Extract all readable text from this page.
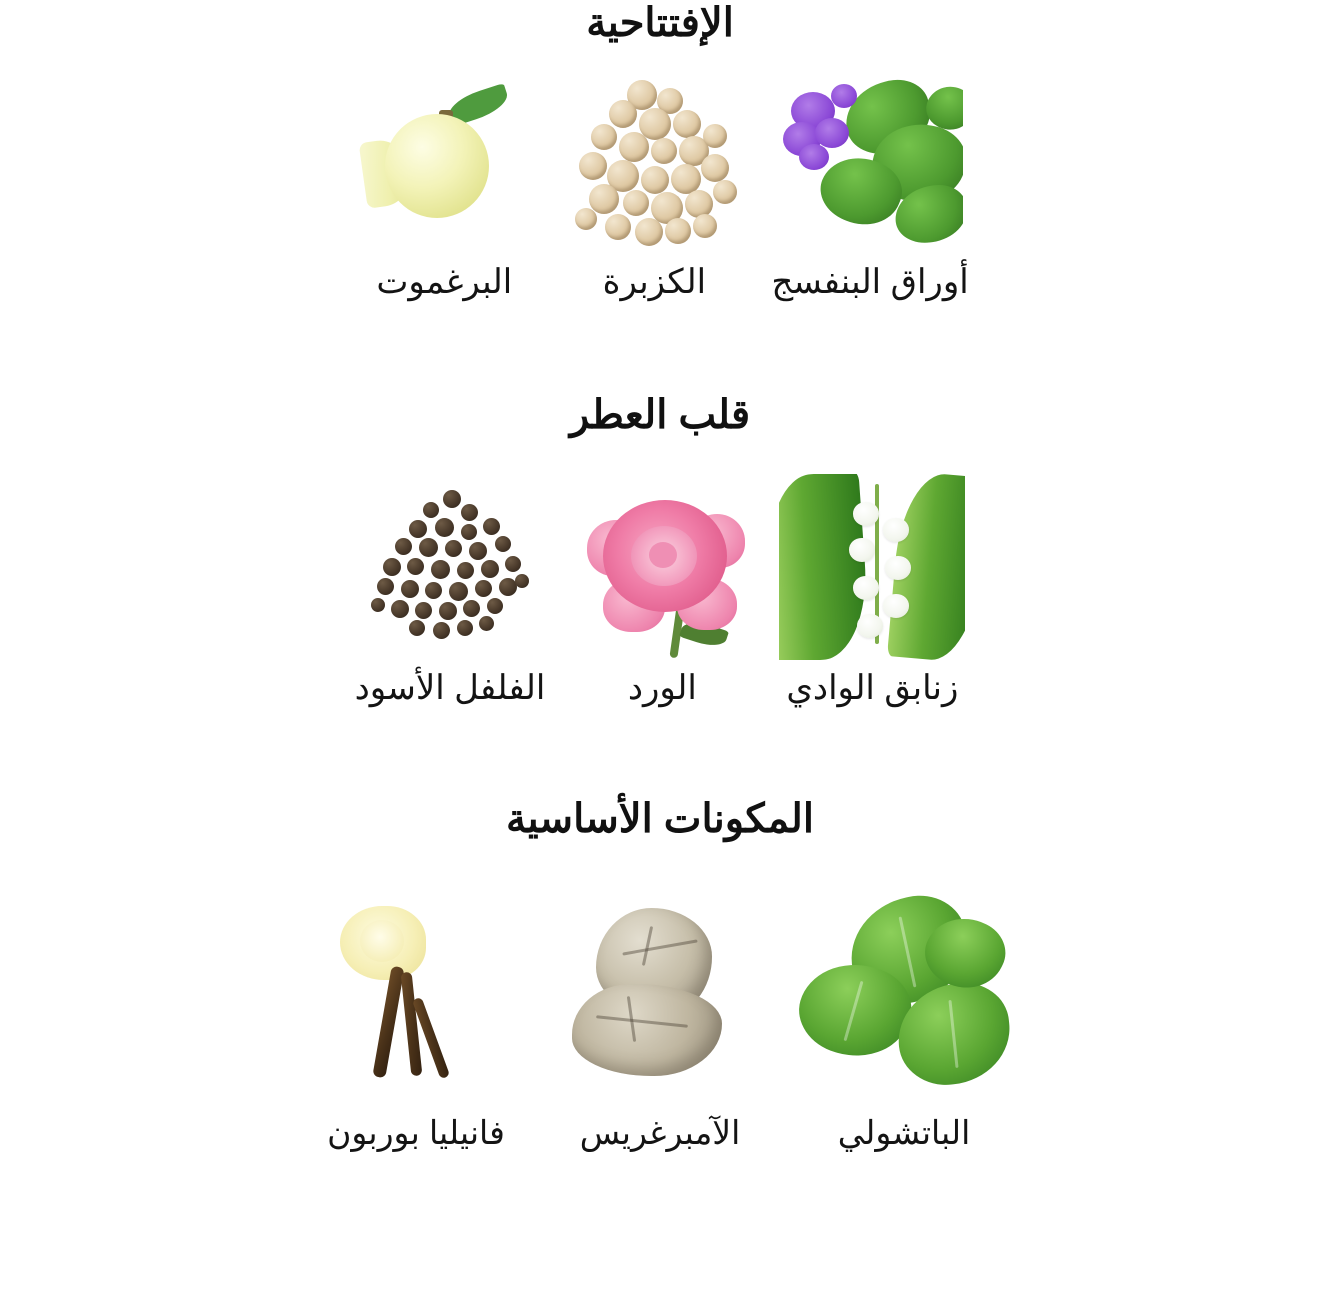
الإفتتاحية
أوراق البنفسج
الكزبرة
البرغموت
قلب العطر
زنابق الوادي
الورد
الفلفل الأسود
المكونات الأساسية
الباتشولي
الآمبرغريس
فانيليا بوربون
